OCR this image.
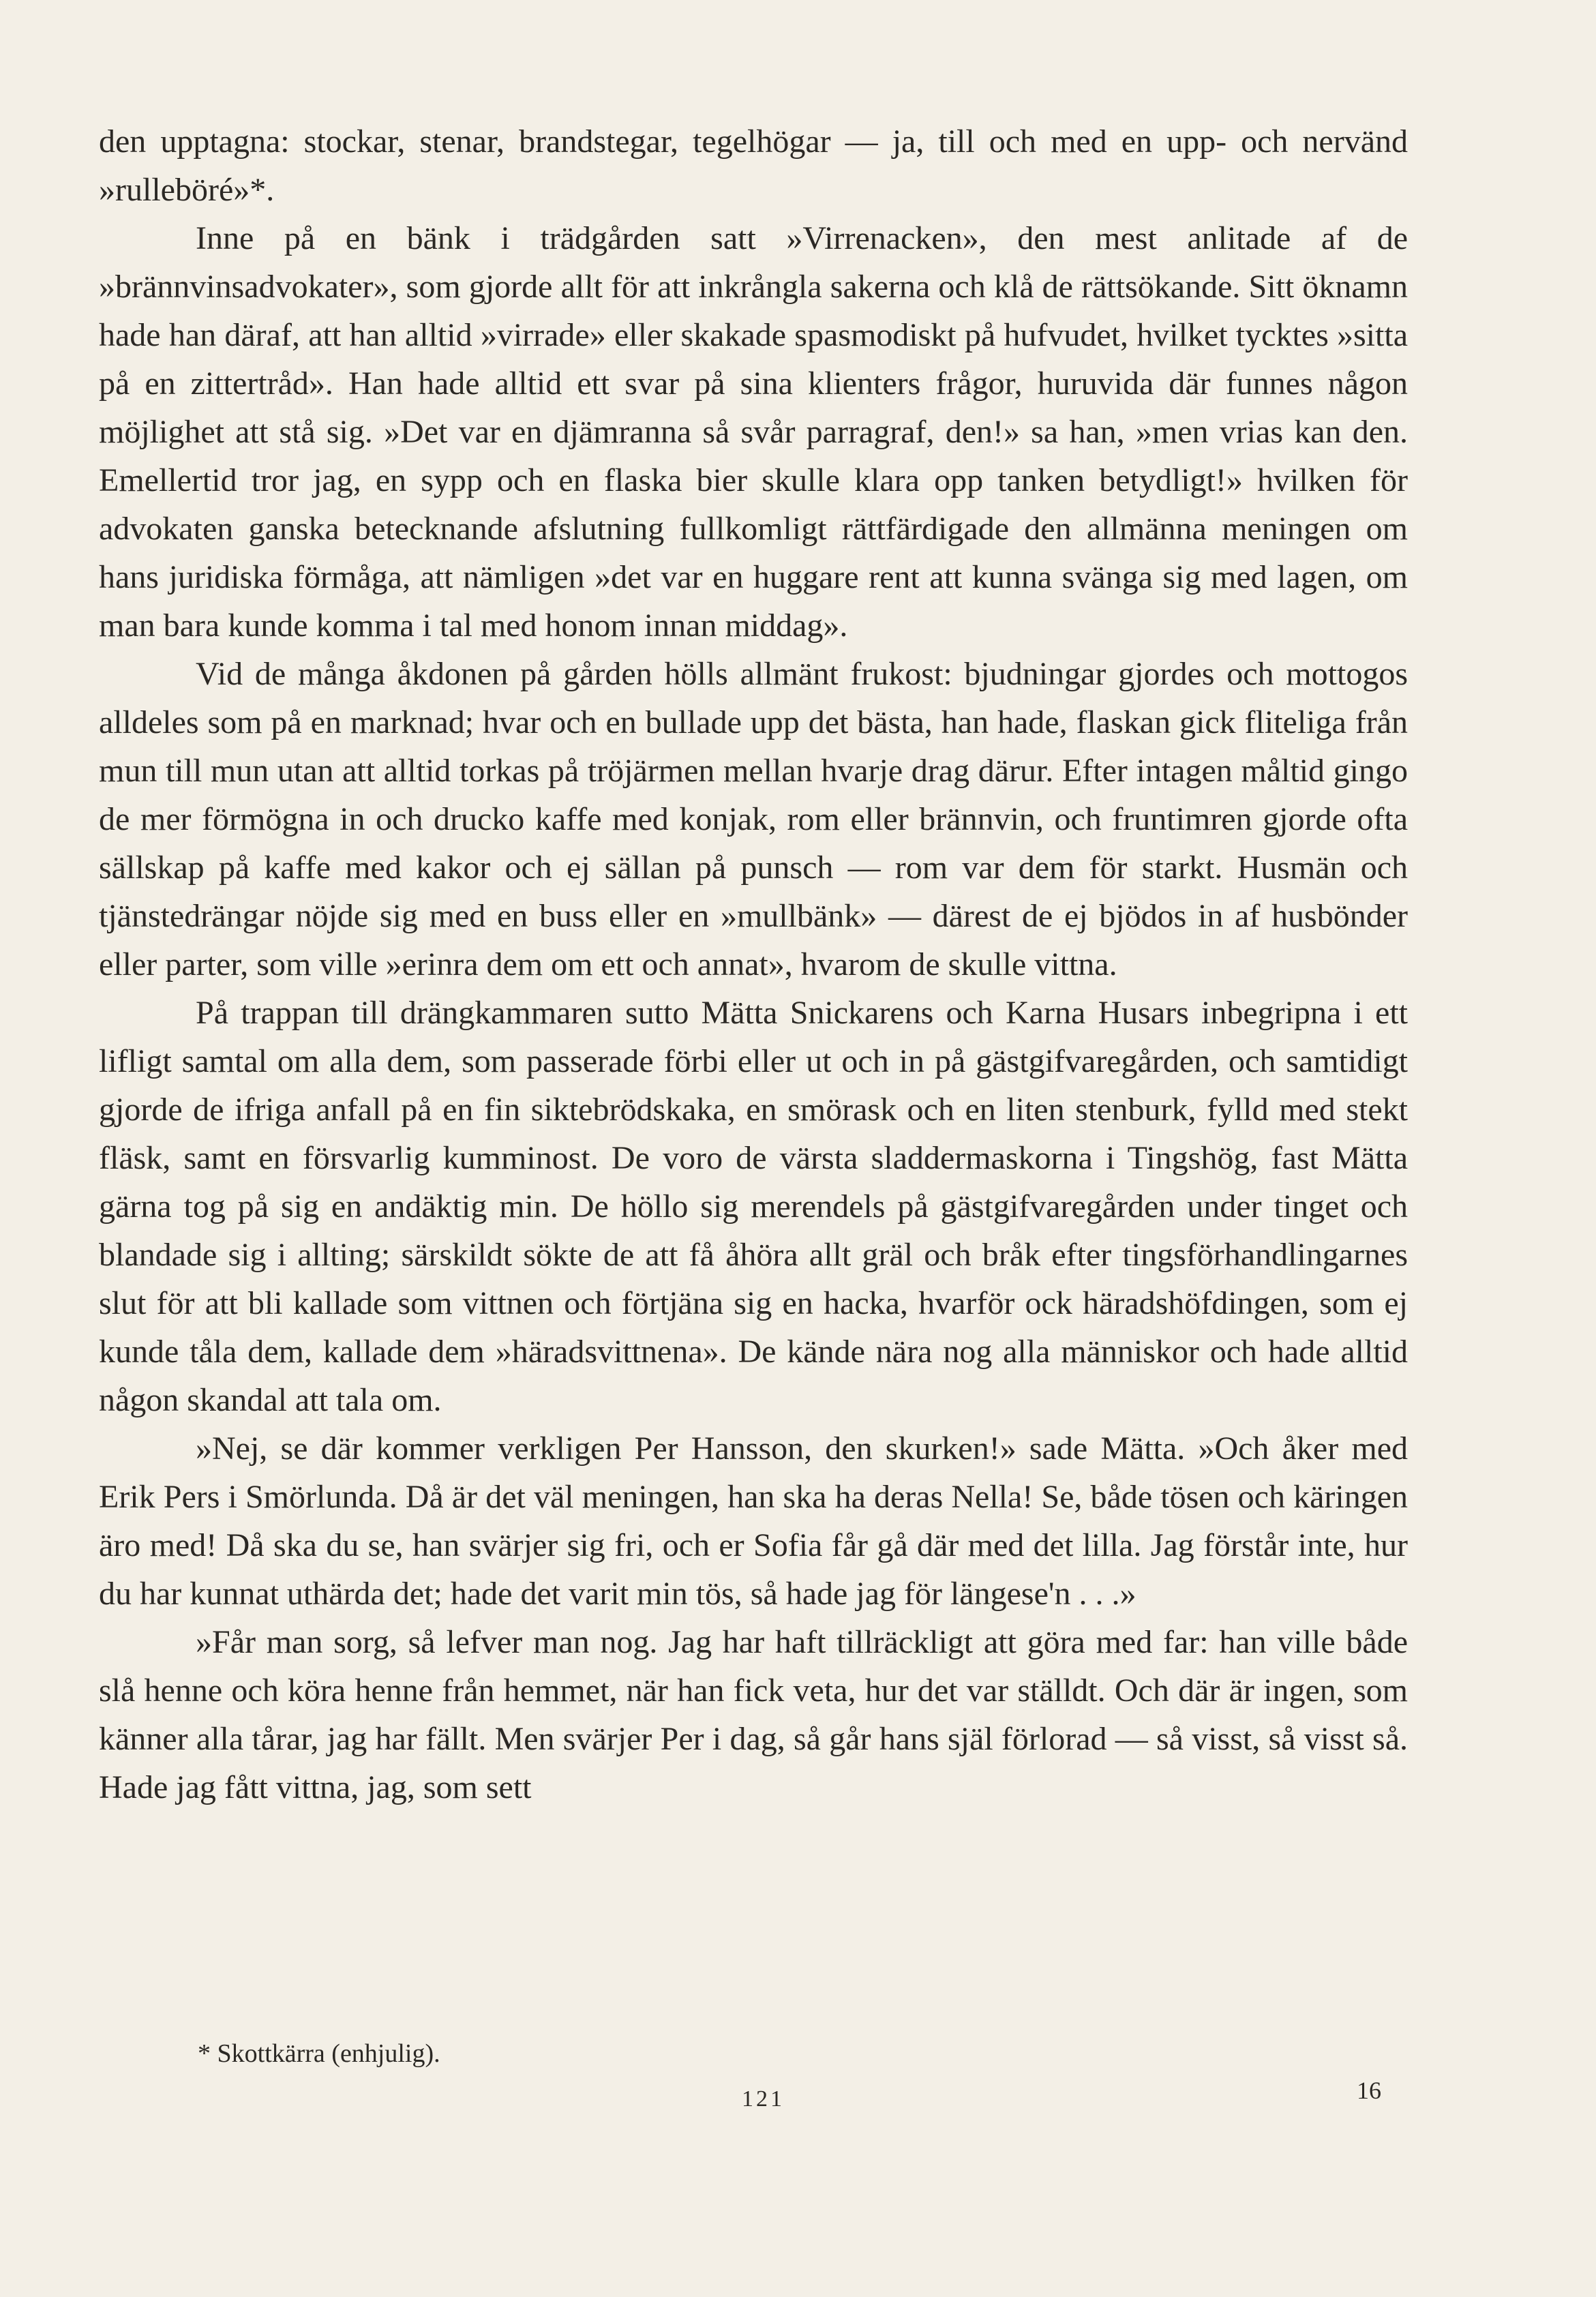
den upptagna: stockar, stenar, brandstegar, tegelhögar — ja, till och med en upp- och nervänd »rulleböré»*.

Inne på en bänk i trädgården satt »Virrenacken», den mest anlitade af de »brännvinsadvokater», som gjorde allt för att inkrångla sakerna och klå de rättsökande. Sitt öknamn hade han däraf, att han alltid »virrade» eller skakade spasmodiskt på hufvudet, hvilket tycktes »sitta på en zittertråd». Han hade alltid ett svar på sina klienters frågor, huruvida där funnes någon möjlighet att stå sig. »Det var en djämranna så svår parragraf, den!» sa han, »men vrias kan den. Emellertid tror jag, en sypp och en flaska bier skulle klara opp tanken betydligt!» hvilken för advokaten ganska betecknande afslutning fullkomligt rättfärdigade den allmänna meningen om hans juridiska förmåga, att nämligen »det var en huggare rent att kunna svänga sig med lagen, om man bara kunde komma i tal med honom innan middag».

Vid de många åkdonen på gården hölls allmänt frukost: bjudningar gjordes och mottogos alldeles som på en marknad; hvar och en bullade upp det bästa, han hade, flaskan gick fliteliga från mun till mun utan att alltid torkas på tröjärmen mellan hvarje drag därur. Efter intagen måltid gingo de mer förmögna in och drucko kaffe med konjak, rom eller brännvin, och fruntimren gjorde ofta sällskap på kaffe med kakor och ej sällan på punsch — rom var dem för starkt. Husmän och tjänstedrängar nöjde sig med en buss eller en »mullbänk» — därest de ej bjödos in af husbönder eller parter, som ville »erinra dem om ett och annat», hvarom de skulle vittna.

På trappan till drängkammaren sutto Mätta Snickarens och Karna Husars inbegripna i ett lifligt samtal om alla dem, som passerade förbi eller ut och in på gästgifvaregården, och samtidigt gjorde de ifriga anfall på en fin siktebrödskaka, en smörask och en liten stenburk, fylld med stekt fläsk, samt en försvarlig kumminost. De voro de värsta sladdermaskorna i Tingshög, fast Mätta gärna tog på sig en andäktig min. De höllo sig merendels på gästgifvaregården under tinget och blandade sig i allting; särskildt sökte de att få åhöra allt gräl och bråk efter tingsförhandlingarnes slut för att bli kallade som vittnen och förtjäna sig en hacka, hvarför ock häradshöfdingen, som ej kunde tåla dem, kallade dem »häradsvittnena». De kände nära nog alla människor och hade alltid någon skandal att tala om.

»Nej, se där kommer verkligen Per Hansson, den skurken!» sade Mätta. »Och åker med Erik Pers i Smörlunda. Då är det väl meningen, han ska ha deras Nella! Se, både tösen och käringen äro med! Då ska du se, han svärjer sig fri, och er Sofia får gå där med det lilla. Jag förstår inte, hur du har kunnat uthärda det; hade det varit min tös, så hade jag för längese'n . . .»

»Får man sorg, så lefver man nog. Jag har haft tillräckligt att göra med far: han ville både slå henne och köra henne från hemmet, när han fick veta, hur det var ställdt. Och där är ingen, som känner alla tårar, jag har fällt. Men svärjer Per i dag, så går hans själ förlorad — så visst, så visst så. Hade jag fått vittna, jag, som sett

* Skottkärra (enhjulig).

121	16
